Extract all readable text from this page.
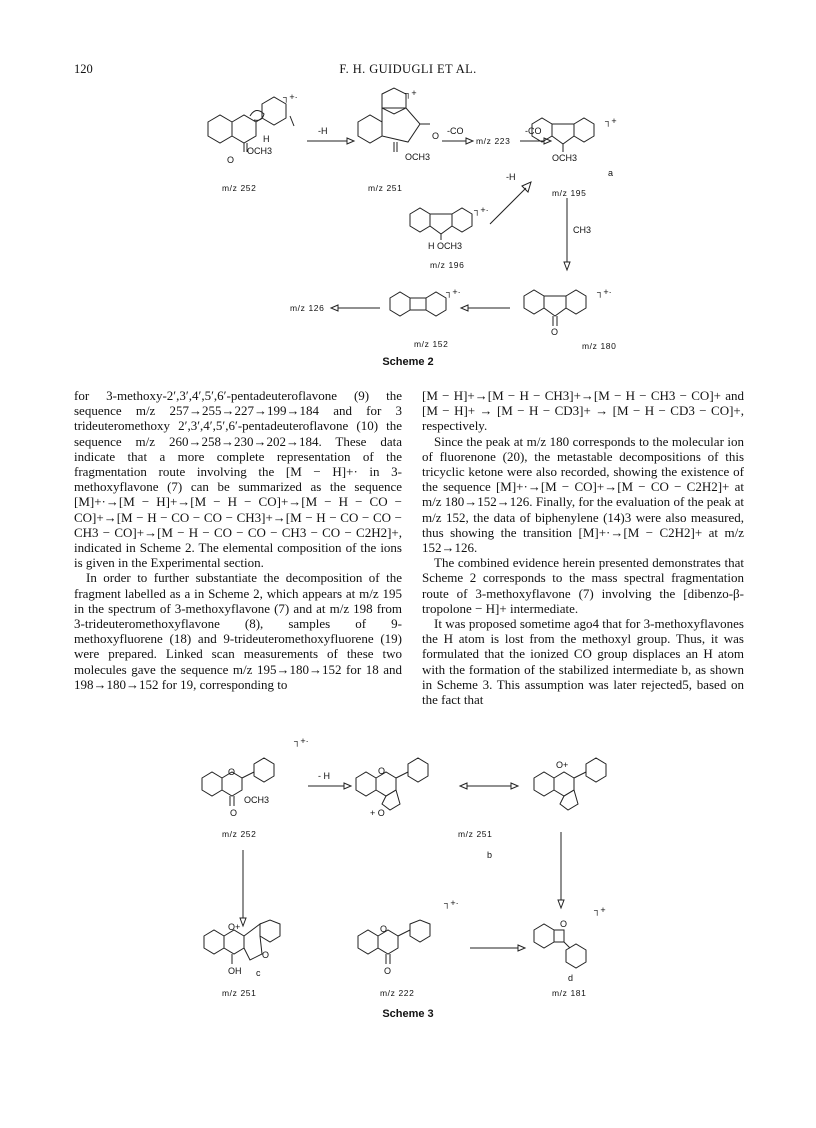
120	F. H. GUIDUGLI ET AL.
H
OCH3
O
┐+·
m/z 252
-H	O
OCH3
┐+
m/z 251
-CO
m/z 223
-CO
OCH3
a
┐+
m/z 195
-H
H OCH3
┐+·
m/z 196
CH3
O
┐+·
m/z 180
┐+·
m/z 152
m/z 126
Scheme 2

for 3-methoxy-2′,3′,4′,5′,6′-pentadeuteroflavone (9) the sequence m/z 257→255→227→199→184 and for 3 trideuteromethoxy 2′,3′,4′,5′,6′-pentadeuteroflavone (10) the sequence m/z 260→258→230→202→184. These data indicate that a more complete representation of the fragmentation route involving the [M − H]+· in 3-methoxyflavone (7) can be summarized as the sequence [M]+·→[M − H]+→[M − H − CO]+→[M − H − CO − CO]+→[M − H − CO − CO − CH3]+→[M − H − CO − CO − CH3 − CO]+→[M − H − CO − CO − CH3 − CO − C2H2]+, indicated in Scheme 2. The elemental composition of the ions is given in the Experimental section.

In order to further substantiate the decomposition of the fragment labelled as a in Scheme 2, which appears at m/z 195 in the spectrum of 3-methoxyflavone (7) and at m/z 198 from 3-trideuteromethoxyflavone (8), samples of 9-methoxyfluorene (18) and 9-trideuteromethoxyfluorene (19) were prepared. Linked scan measurements of these two molecules gave the sequence m/z 195→180→152 for 18 and 198→180→152 for 19, corresponding to

[M − H]+→[M − H − CH3]+→[M − H − CH3 − CO]+ and [M − H]+ → [M − H − CD3]+ → [M − H − CD3 − CO]+, respectively.

Since the peak at m/z 180 corresponds to the molecular ion of fluorenone (20), the metastable decompositions of this tricyclic ketone were also recorded, showing the existence of the sequence [M]+·→[M − CO]+→[M − CO − C2H2]+ at m/z 180→152→126. Finally, for the evaluation of the peak at m/z 152, the data of biphenylene (14)3 were also measured, thus showing the transition [M]+·→[M − C2H2]+ at m/z 152→126.

The combined evidence herein presented demonstrates that Scheme 2 corresponds to the mass spectral fragmentation route of 3-methoxyflavone (7) involving the [dibenzo-β-tropolone − H]+ intermediate.

It was proposed sometime ago4 that for 3-methoxyflavones the H atom is lost from the methoxyl group. Thus, it was formulated that the ionized CO group displaces an H atom with the formation of the stabilized intermediate b, as shown in Scheme 3. This assumption was later rejected5, based on the fact that

O
OCH3
O
┐+·
m/z 252
- H	O
+ O
O+
m/z 251
b
O+
O
OH c
m/z 251
O
O
┐+·
m/z 222
O
┐+
d
m/z 181
Scheme 3
